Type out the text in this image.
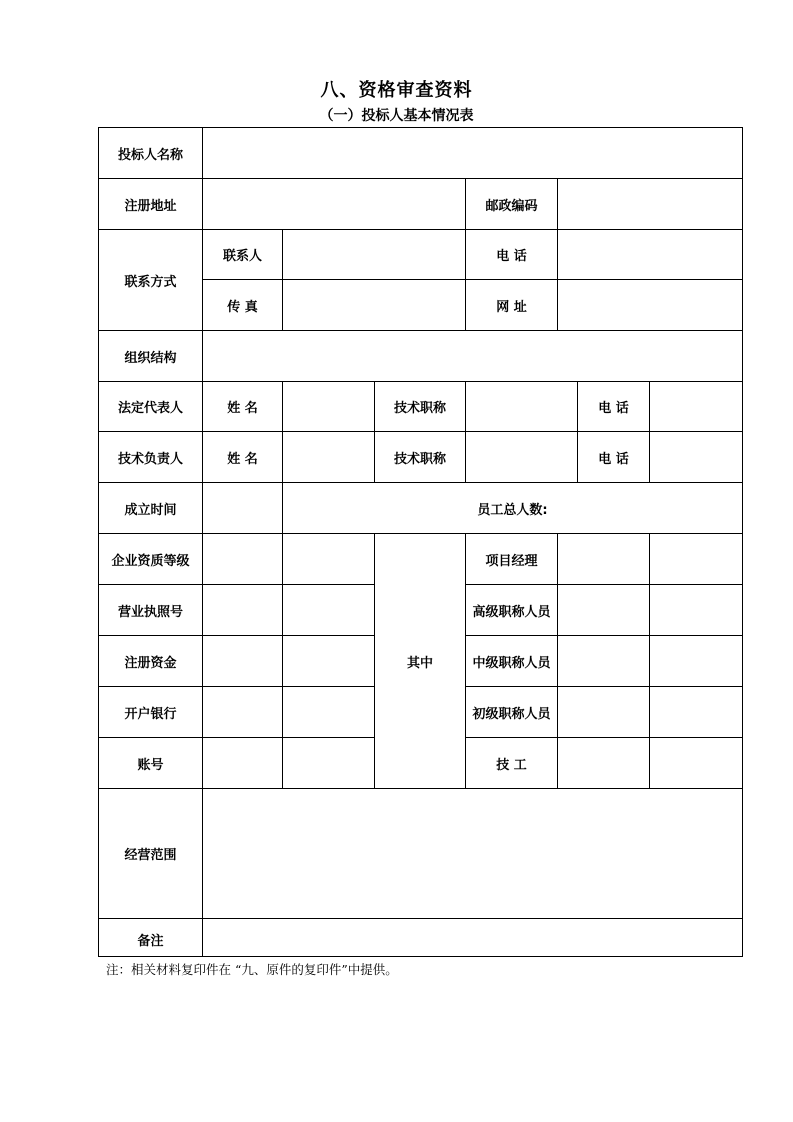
八、资格审查资料
（一）投标人基本情况表
投标人名称							
注册地址				邮政编码			
联系方式	联系人			电 话			
	传 真			网 址			
组织结构							
法定代表人	姓 名		技术职称			电 话	
技术负责人	姓 名		技术职称			电 话	
成立时间		员工总人数:					
企业资质等级			其中	项目经理			
营业执照号				高级职称人员			
注册资金				中级职称人员			
开户银行				初级职称人员			
账号				技 工			
经营范围							
备注							
注：相关材料复印件在 “九、原件的复印件”中提供。
